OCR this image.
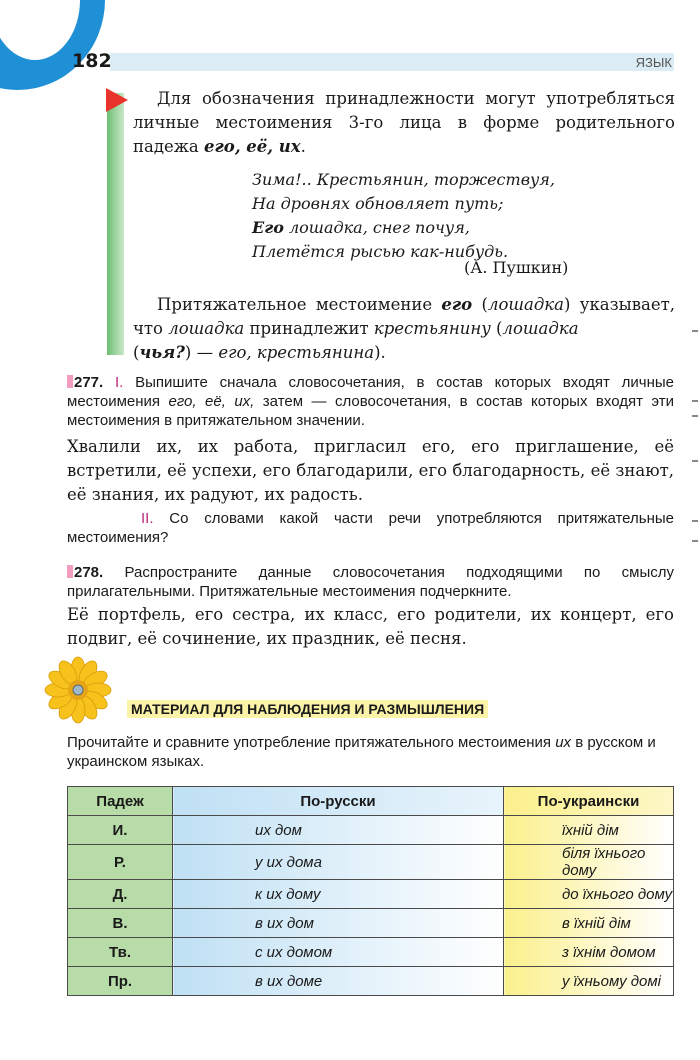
182	ЯЗЫК
Для обозначения принадлежности могут употребляться личные местоимения 3-го лица в форме родительного падежа его, её, их.
Зима!.. Крестьянин, торжествуя,
На дровнях обновляет путь;
Его лошадка, снег почуя,
Плетётся рысью как-нибудь.
(А. Пушкин)
Притяжательное местоимение его (лошадка) указывает, что лошадка принадлежит крестьянину (лошадка
(чья?) — его, крестьянина).
277. I. Выпишите сначала словосочетания, в состав которых входят личные местоимения его, её, их, затем — словосочетания, в состав которых входят эти местоимения в притяжательном значении.
Хвалили их, их работа, пригласил его, его приглашение, её встретили, её успехи, его благодарили, его благодарность, её знают, её знания, их радуют, их радость.
II. Со словами какой части речи употребляются притяжательные местоимения?
278. Распространите данные словосочетания подходящими по смыслу прилагательными. Притяжательные местоимения подчеркните.
Её портфель, его сестра, их класс, его родители, их концерт, его подвиг, её сочинение, их праздник, её песня.
МАТЕРИАЛ ДЛЯ НАБЛЮДЕНИЯ И РАЗМЫШЛЕНИЯ
Прочитайте и сравните употребление притяжательного местоимения их в русском и украинском языках.
Падеж	По-русски	По-украински
И.	их дом	їхній дім
Р.	у их дома	біля їхнього дому
Д.	к их дому	до їхнього дому
В.	в их дом	в їхній дім
Тв.	с их домом	з їхнім домом
Пр.	в их доме	у їхньому домі
